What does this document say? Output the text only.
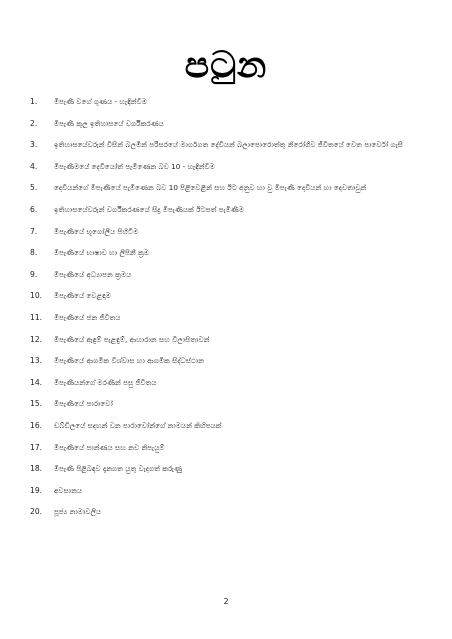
පටුන
1.	මීපැණි වගේ ගුණය - හැඳින්වීම
2.	මීපැණි කුල ඉතිහාසයේ වර්ගීකරණය
3.	ඉතිහාසයේවරුන් විසින් බලමින් පරිසරයේ මාර්ගගත දේවියන් බලාපොරොත්තු නිරෝගීව ජීවිතයේ වෙත පාර්වෝ ගැසී
4.	මීපැණිමයේ දෙවියෝත් පැමිණෙන බව 10 - හැඳින්වීම
5.	දෙවියන්ගේ මීපැණියේ පැමිණෙන බව 10 පිළිවෙළින් සහ ඊට අනුව හා වු මීපැණි දෙවියන් හා දෙවතාවුන්
6.	ඉතිහාසයේවරුන් වර්ගීකරණයේ සිදු මීපැණියක් ඊටපත් පැමිණීම
7.	මීපැණියේ භූගෝලීය පිහිටීම
8.	මීපැණියේ භාෂාව හා ලිපිනී ක්‍රම
9.	මීපැණියේ අධ්‍යාපන ක්‍රමය
10.	මීපැණියේ වෙළඳාම
11.	මීපැණියේ ජන ජීවිතය
12.	මීපැණියේ ඇඳුම් පැළඳුම්, ආහාරාන සහ විලාසිතාවන්
13.	මීපැණියේ ආගමික විශ්වාස හා ආගමික සිද්ධස්ථාන
14.	මීපැණියන්ගේ මරණීන් පසු ජීවිතය
15.	මීපැණියේ පාරාවෝ
16.	ඩබ්ඩිලයේ සදහන් වන පාරාවෝන්ගේ නාමයන් කිහිපයක්
17.	මීපැණියේ පාන්ණය සහ නව නිපැයුම්
18.	මීපැණි පිළිබඳව දැනගත යුතු වැදගත් කරුණු
19.	අවසානය
20.	පූජ්‍ය නාමාවලිය
2
